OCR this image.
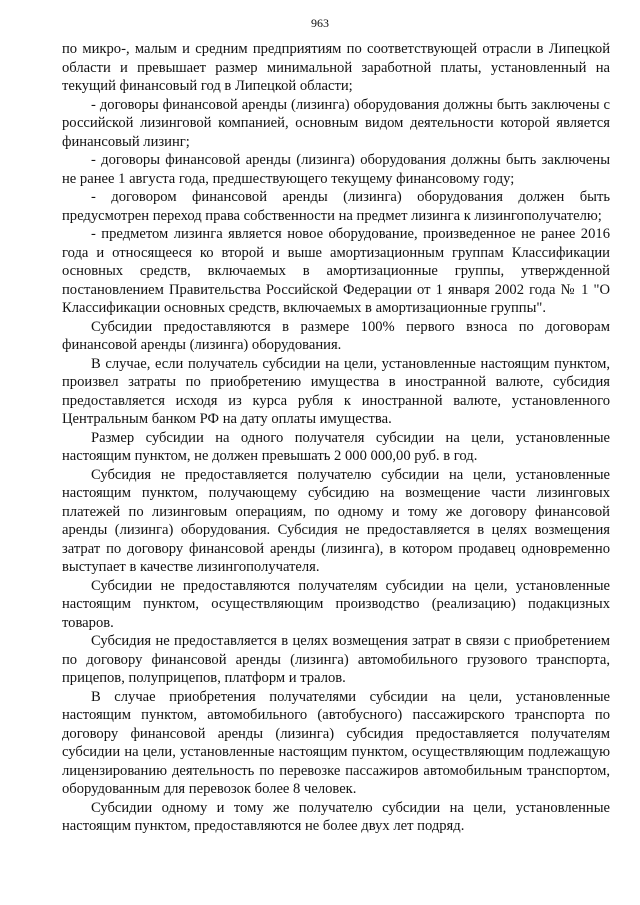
963

по микро-, малым и средним предприятиям по соответствующей отрасли в Липецкой области и превышает размер минимальной заработной платы, установленный на текущий финансовый год в Липецкой области;

- договоры финансовой аренды (лизинга) оборудования должны быть заключены с российской лизинговой компанией, основным видом деятельности которой является финансовый лизинг;

- договоры финансовой аренды (лизинга) оборудования должны быть заключены не ранее 1 августа года, предшествующего текущему финансовому году;

- договором финансовой аренды (лизинга) оборудования должен быть предусмотрен переход права собственности на предмет лизинга к лизингополучателю;

- предметом лизинга является новое оборудование, произведенное не ранее 2016 года и относящееся ко второй и выше амортизационным группам Классификации основных средств, включаемых в амортизационные группы, утвержденной постановлением Правительства Российской Федерации от 1 января 2002 года № 1 "О Классификации основных средств, включаемых в амортизационные группы".

Субсидии предоставляются в размере 100% первого взноса по договорам финансовой аренды (лизинга) оборудования.

В случае, если получатель субсидии на цели, установленные настоящим пунктом, произвел затраты по приобретению имущества в иностранной валюте, субсидия предоставляется исходя из курса рубля к иностранной валюте, установленного Центральным банком РФ на дату оплаты имущества.

Размер субсидии на одного получателя субсидии на цели, установленные настоящим пунктом, не должен превышать 2 000 000,00 руб. в год.

Субсидия не предоставляется получателю субсидии на цели, установленные настоящим пунктом, получающему субсидию на возмещение части лизинговых платежей по лизинговым операциям, по одному и тому же договору финансовой аренды (лизинга) оборудования. Субсидия не предоставляется в целях возмещения затрат по договору финансовой аренды (лизинга), в котором продавец одновременно выступает в качестве лизингополучателя.

Субсидии не предоставляются получателям субсидии на цели, установленные настоящим пунктом, осуществляющим производство (реализацию) подакцизных товаров.

Субсидия не предоставляется в целях возмещения затрат в связи с приобретением по договору финансовой аренды (лизинга) автомобильного грузового транспорта, прицепов, полуприцепов, платформ и тралов.

В случае приобретения получателями субсидии на цели, установленные настоящим пунктом, автомобильного (автобусного) пассажирского транспорта по договору финансовой аренды (лизинга) субсидия предоставляется получателям субсидии на цели, установленные настоящим пунктом, осуществляющим подлежащую лицензированию деятельность по перевозке пассажиров автомобильным транспортом, оборудованным для перевозок более 8 человек.

Субсидии одному и тому же получателю субсидии на цели, установленные настоящим пунктом, предоставляются не более двух лет подряд.
